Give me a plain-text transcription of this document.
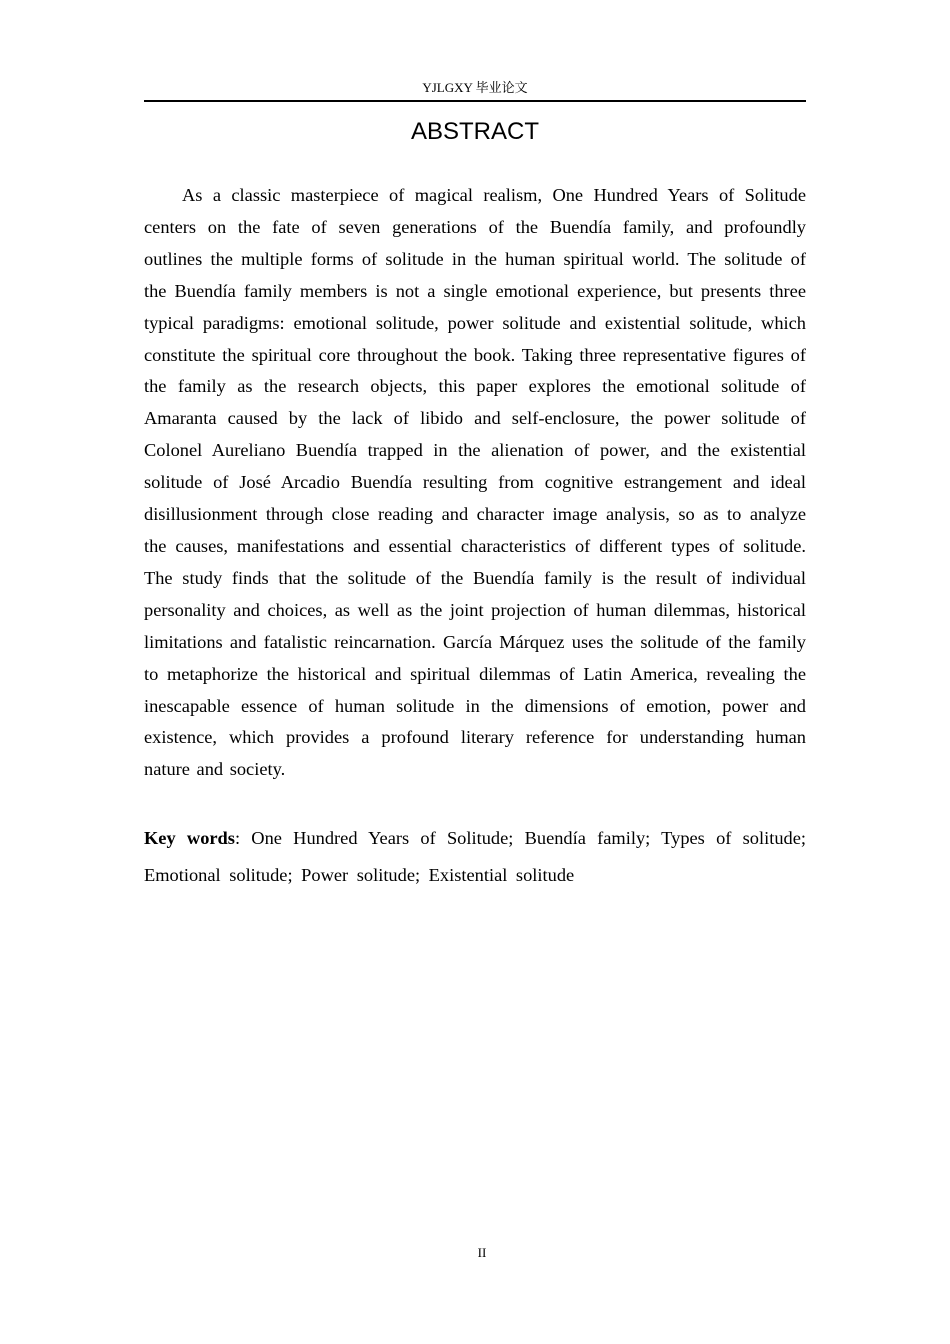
YJLGXY 毕业论文
ABSTRACT

As a classic masterpiece of magical realism, One Hundred Years of Solitude centers on the fate of seven generations of the Buendía family, and profoundly outlines the multiple forms of solitude in the human spiritual world. The solitude of the Buendía family members is not a single emotional experience, but presents three typical paradigms: emotional solitude, power solitude and existential solitude, which constitute the spiritual core throughout the book. Taking three representative figures of the family as the research objects, this paper explores the emotional solitude of Amaranta caused by the lack of libido and self-enclosure, the power solitude of Colonel Aureliano Buendía trapped in the alienation of power, and the existential solitude of José Arcadio Buendía resulting from cognitive estrangement and ideal disillusionment through close reading and character image analysis, so as to analyze the causes, manifestations and essential characteristics of different types of solitude. The study finds that the solitude of the Buendía family is the result of individual personality and choices, as well as the joint projection of human dilemmas, historical limitations and fatalistic reincarnation. García Márquez uses the solitude of the family to metaphorize the historical and spiritual dilemmas of Latin America, revealing the inescapable essence of human solitude in the dimensions of emotion, power and existence, which provides a profound literary reference for understanding human nature and society.

Key words: One Hundred Years of Solitude; Buendía family; Types of solitude; Emotional solitude; Power solitude; Existential solitude

II
